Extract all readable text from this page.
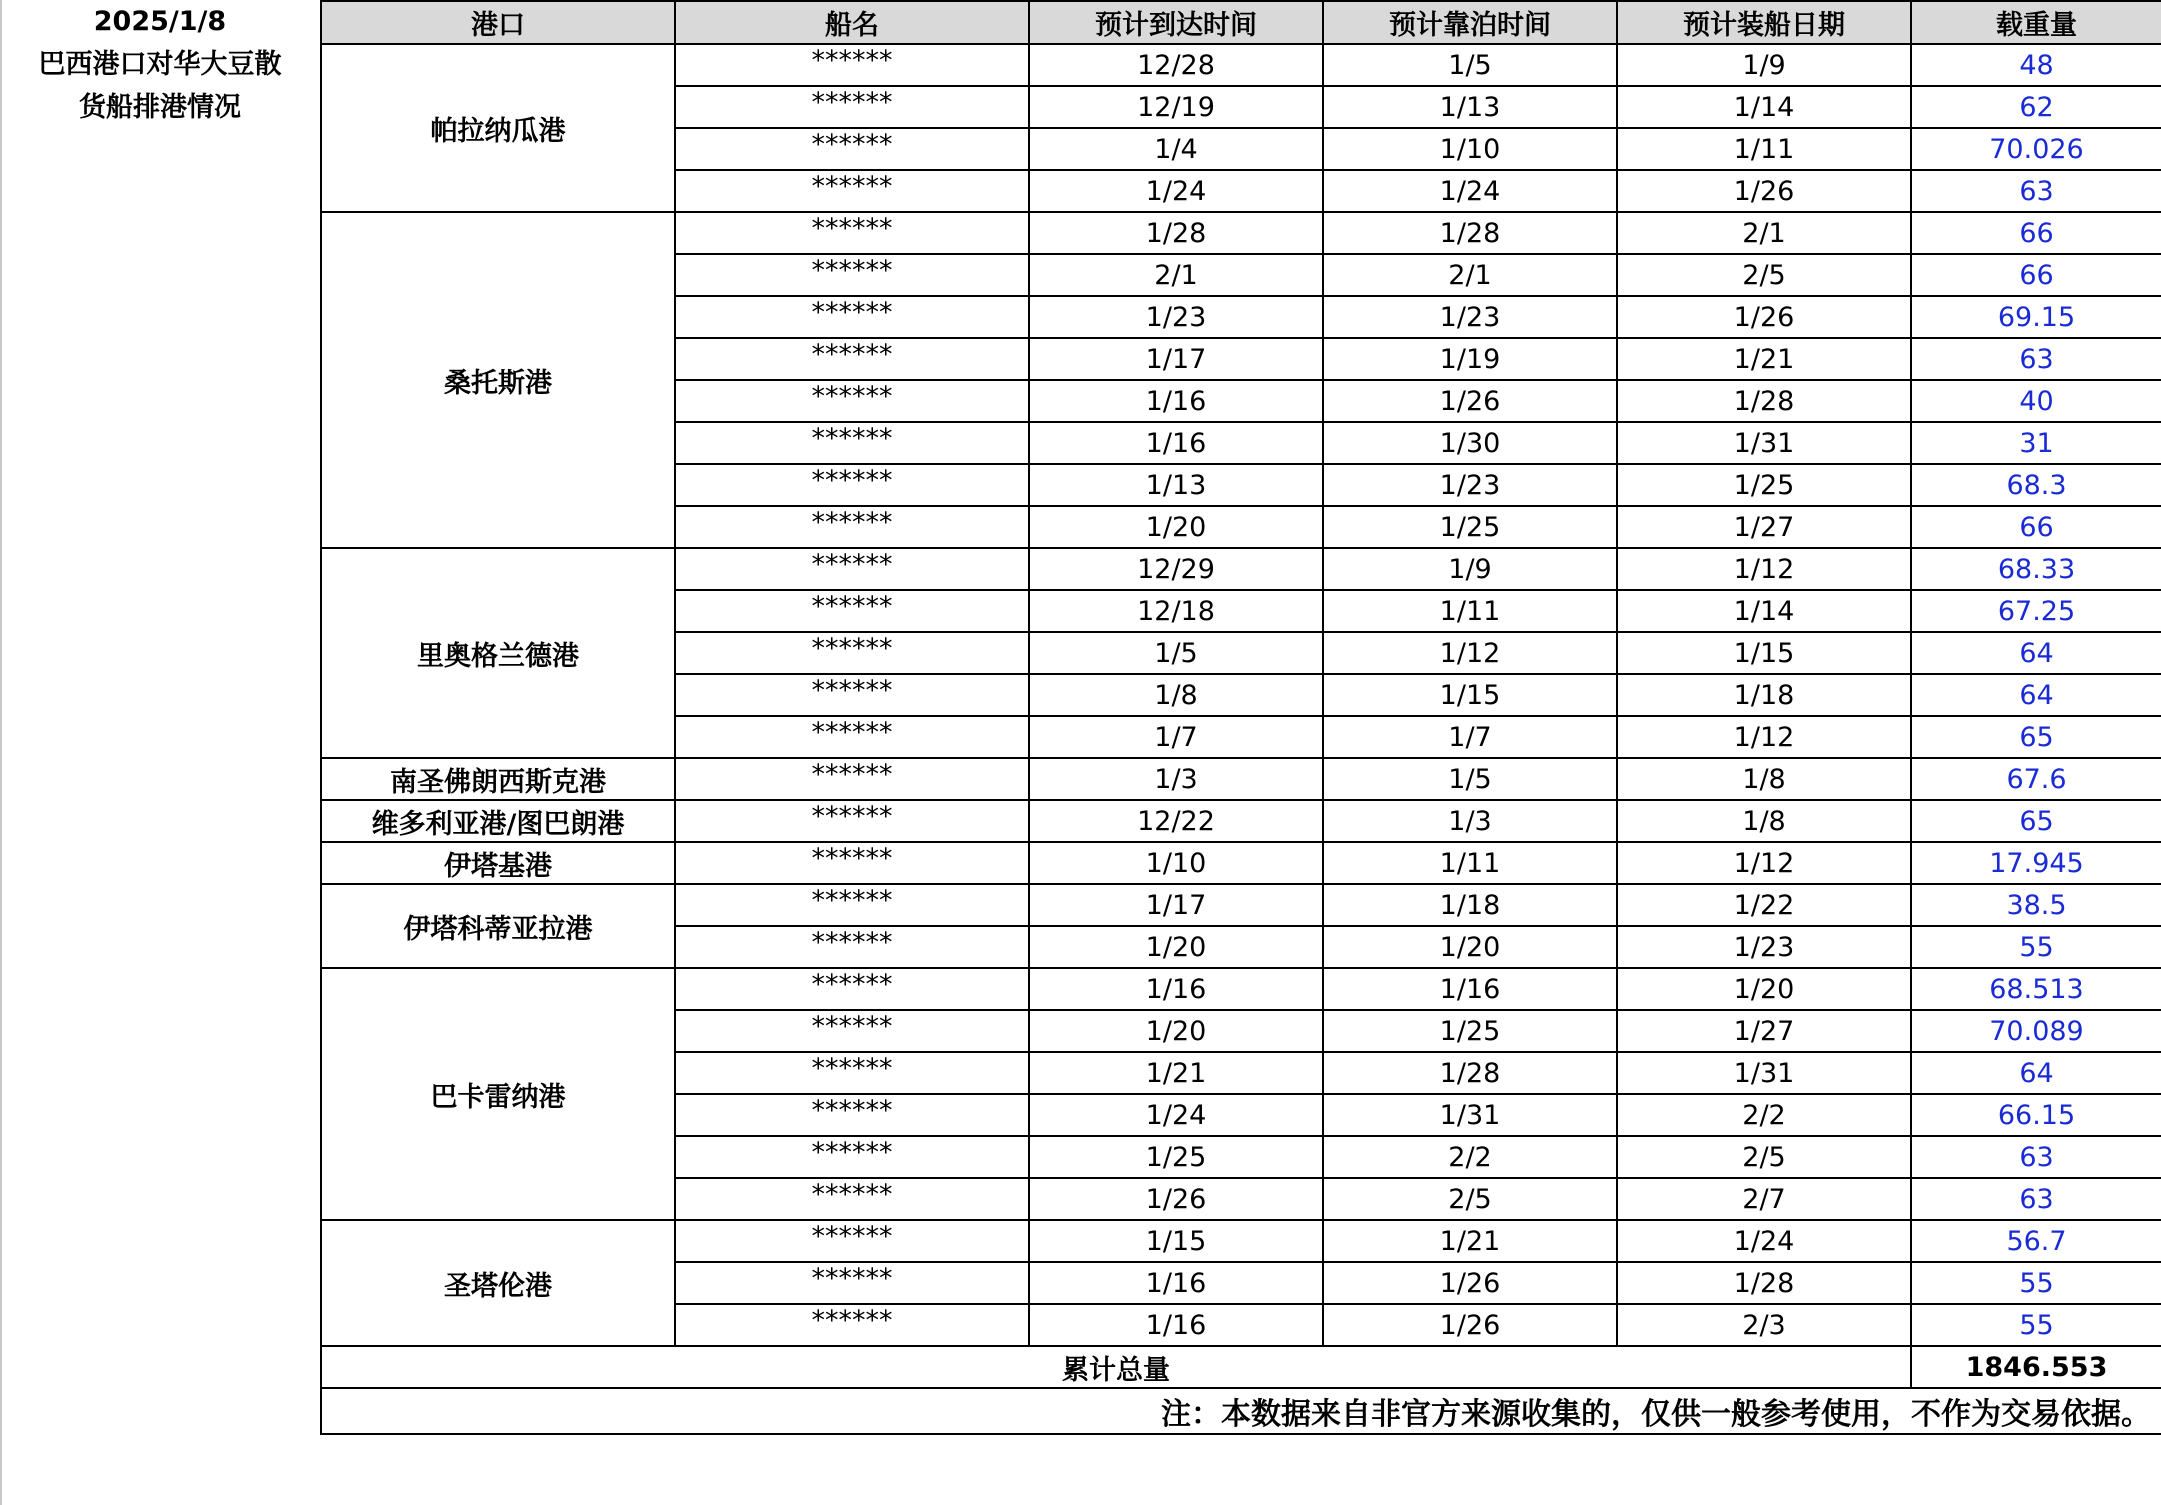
2025/1/8
巴西港口对华大豆散
货船排港情况
港口	船名	预计到达时间	预计靠泊时间	预计装船日期	载重量
帕拉纳瓜港	******	12/28	1/5	1/9	48
	******	12/19	1/13	1/14	62
	******	1/4	1/10	1/11	70.026
	******	1/24	1/24	1/26	63
桑托斯港	******	1/28	1/28	2/1	66
	******	2/1	2/1	2/5	66
	******	1/23	1/23	1/26	69.15
	******	1/17	1/19	1/21	63
	******	1/16	1/26	1/28	40
	******	1/16	1/30	1/31	31
	******	1/13	1/23	1/25	68.3
	******	1/20	1/25	1/27	66
里奥格兰德港	******	12/29	1/9	1/12	68.33
	******	12/18	1/11	1/14	67.25
	******	1/5	1/12	1/15	64
	******	1/8	1/15	1/18	64
	******	1/7	1/7	1/12	65
南圣佛朗西斯克港	******	1/3	1/5	1/8	67.6
维多利亚港/图巴朗港	******	12/22	1/3	1/8	65
伊塔基港	******	1/10	1/11	1/12	17.945
伊塔科蒂亚拉港	******	1/17	1/18	1/22	38.5
	******	1/20	1/20	1/23	55
巴卡雷纳港	******	1/16	1/16	1/20	68.513
	******	1/20	1/25	1/27	70.089
	******	1/21	1/28	1/31	64
	******	1/24	1/31	2/2	66.15
	******	1/25	2/2	2/5	63
	******	1/26	2/5	2/7	63
圣塔伦港	******	1/15	1/21	1/24	56.7
	******	1/16	1/26	1/28	55
	******	1/16	1/26	2/3	55
累计总量					1846.553
注：本数据来自非官方来源收集的，仅供一般参考使用，不作为交易依据。					
